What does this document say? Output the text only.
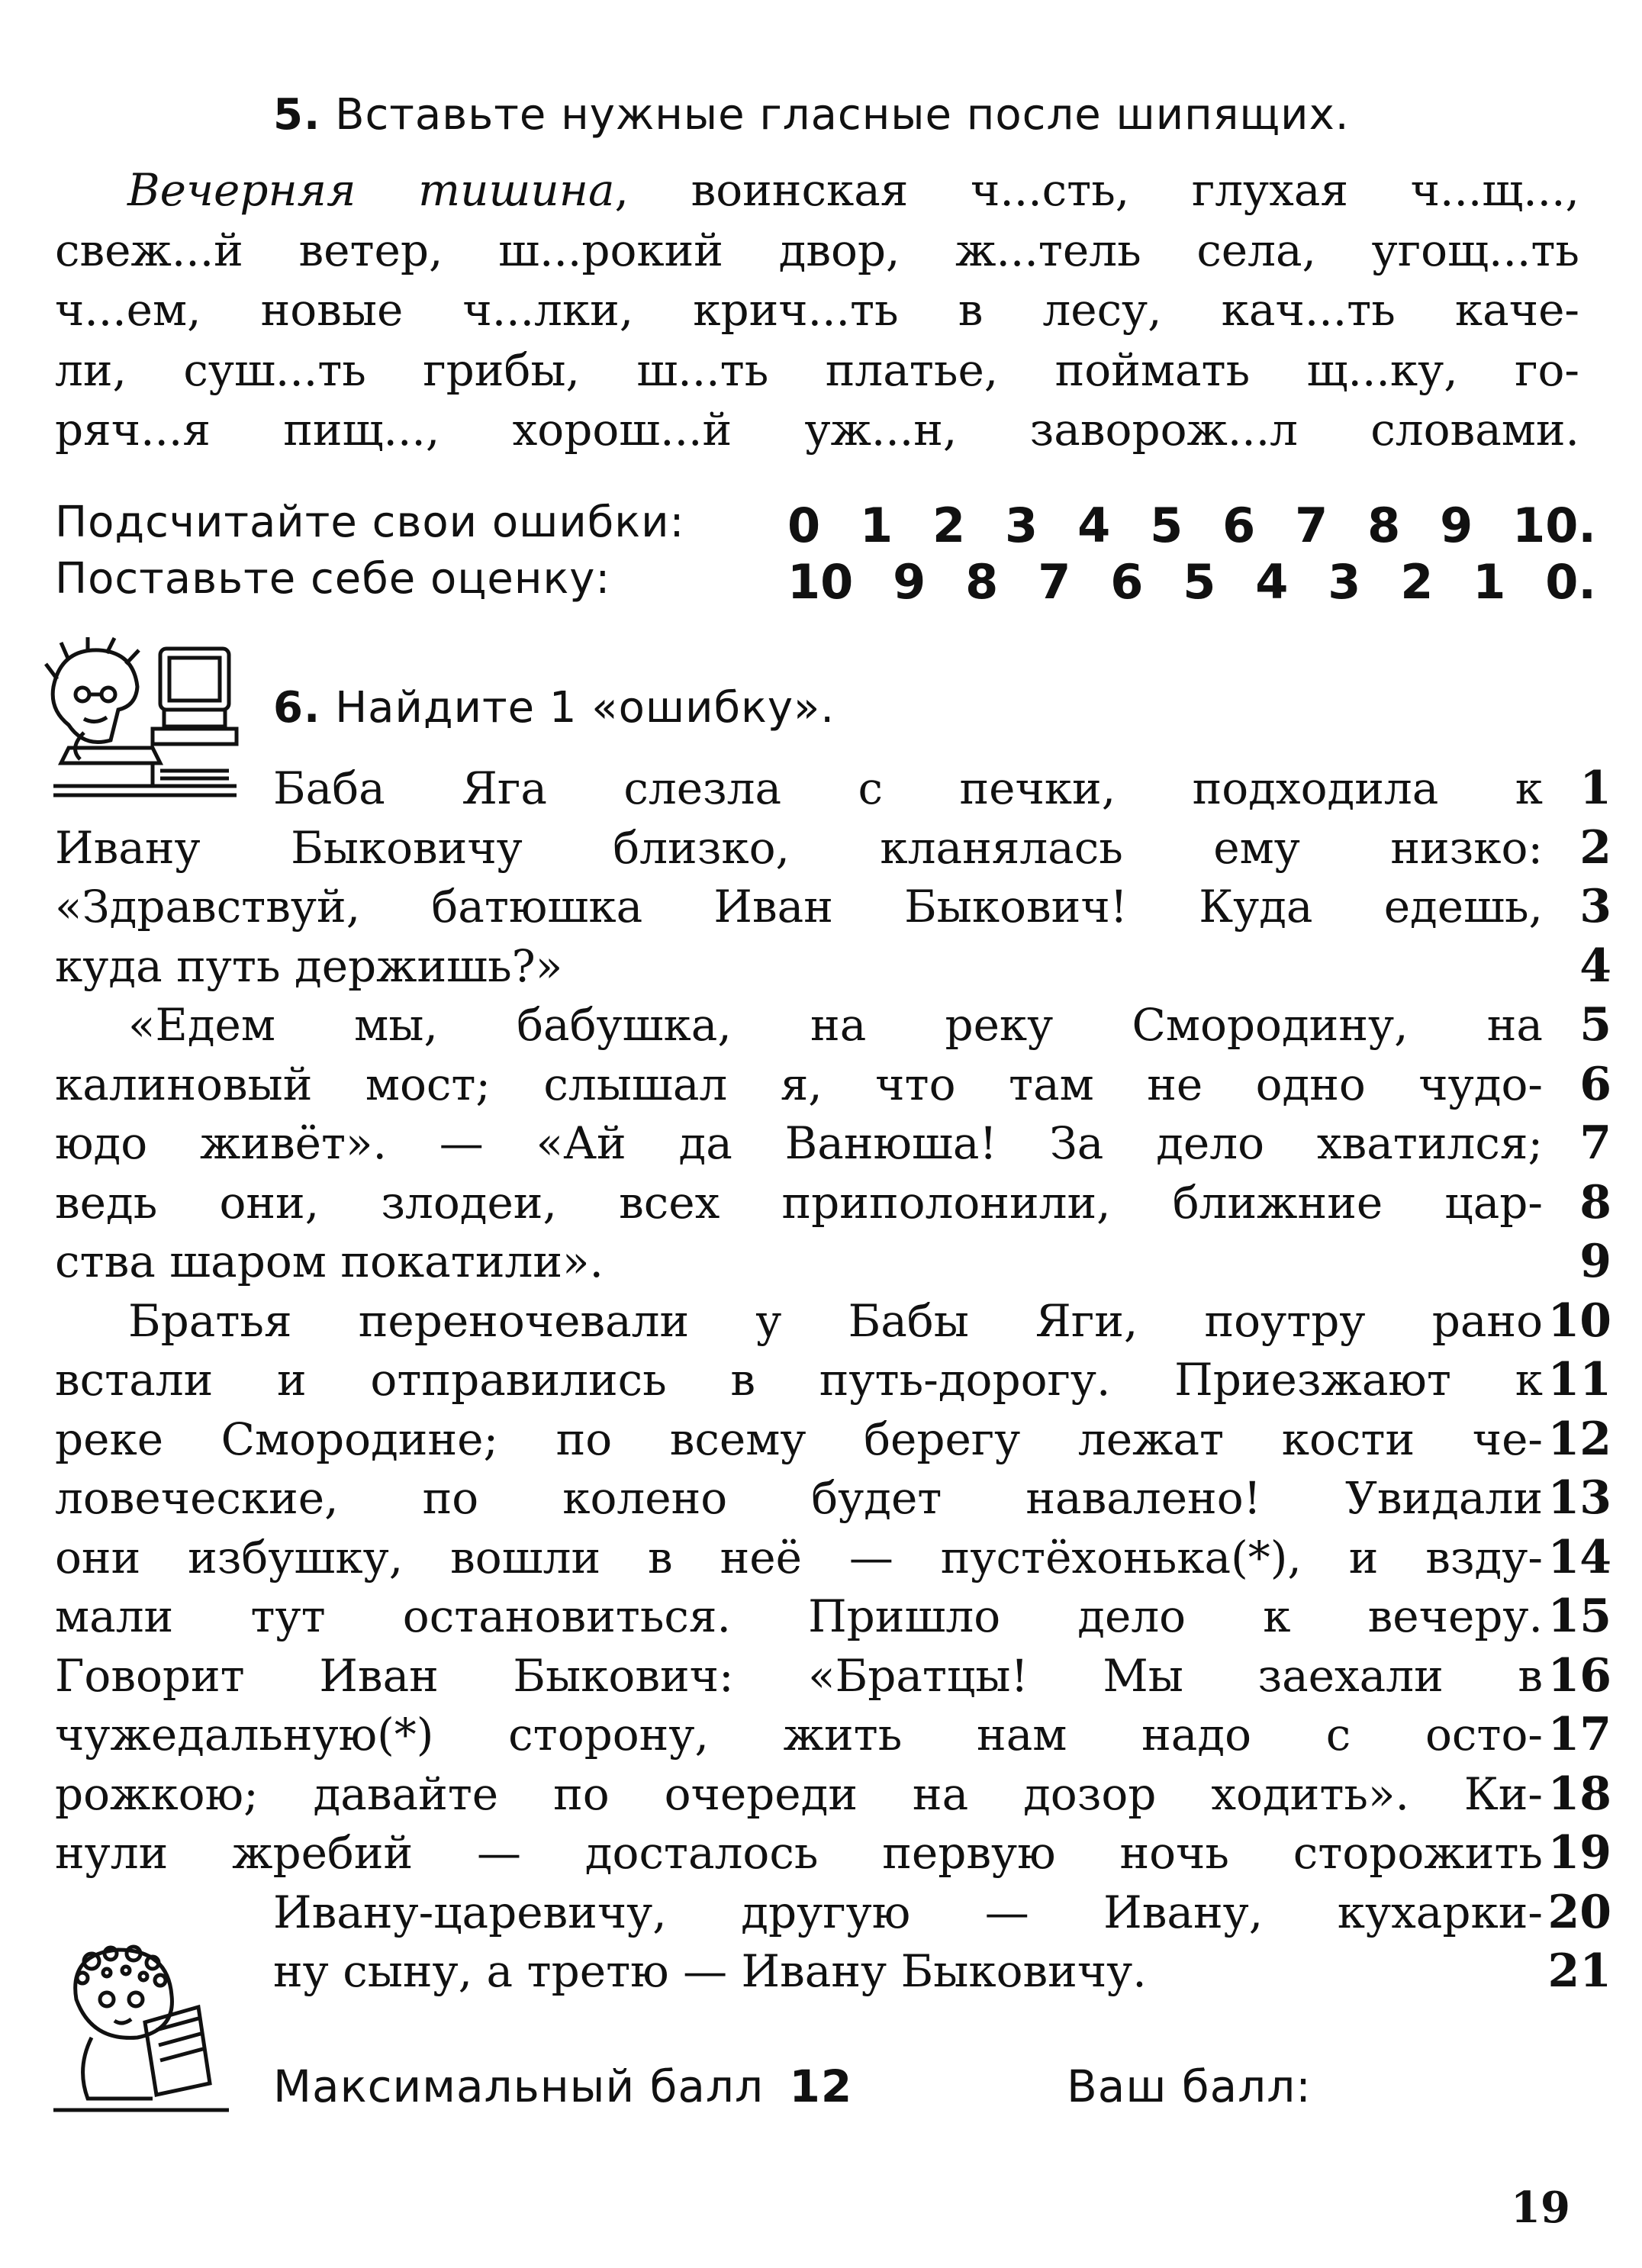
5. Вставьте нужные гласные после шипящих.
Вечерняя тишина, воинская ч...сть, глухая ч...щ...,
свеж...й ветер, ш...рокий двор, ж...тель села, угощ...ть
ч...ем, новые ч...лки, крич...ть в лесу, кач...ть каче-
ли, суш...ть грибы, ш...ть платье, поймать щ...ку, го-
ряч...я пищ..., хорош...й уж...н, заворож...л словами.
Подсчитайте свои ошибки: 0 1 2 3 4 5 6 7 8 9 10.
Поставьте себе оценку:	10 9 8 7 6 5 4 3 2 1 0.
6. Найдите 1 «ошибку».
Баба Яга слезла с печки, подходила к 1
Ивану Быковичу близко, кланялась ему низко: 2
«Здравствуй, батюшка Иван Быкович! Куда едешь, 3
куда путь держишь?»	4
«Едем мы, бабушка, на реку Смородину, на 5
калиновый мост; слышал я, что там не одно чудо- 6
юдо живёт». — «Ай да Ванюша! За дело хватился; 7
ведь они, злодеи, всех приполонили, ближние цар- 8
ства шаром покатили».	9
Братья переночевали у Бабы Яги, поутру рано 10
встали и отправились в путь-дорогу. Приезжают к 11
реке Смородине; по всему берегу лежат кости че- 12
ловеческие, по колено будет навалено! Увидали 13
они избушку, вошли в неё — пустёхонька(*), и взду- 14
мали тут остановиться. Пришло дело к вечеру. 15
Говорит Иван Быкович: «Братцы! Мы заехали в 16
чужедальную(*) сторону, жить нам надо с осто- 17
рожкою; давайте по очереди на дозор ходить». Ки- 18
нули жребий — досталось первую ночь сторожить 19
Ивану-царевичу, другую — Ивану, кухарки- 20
ну сыну, а третю — Ивану Быковичу.	21
Максимальный балл 12	Ваш балл:
19
